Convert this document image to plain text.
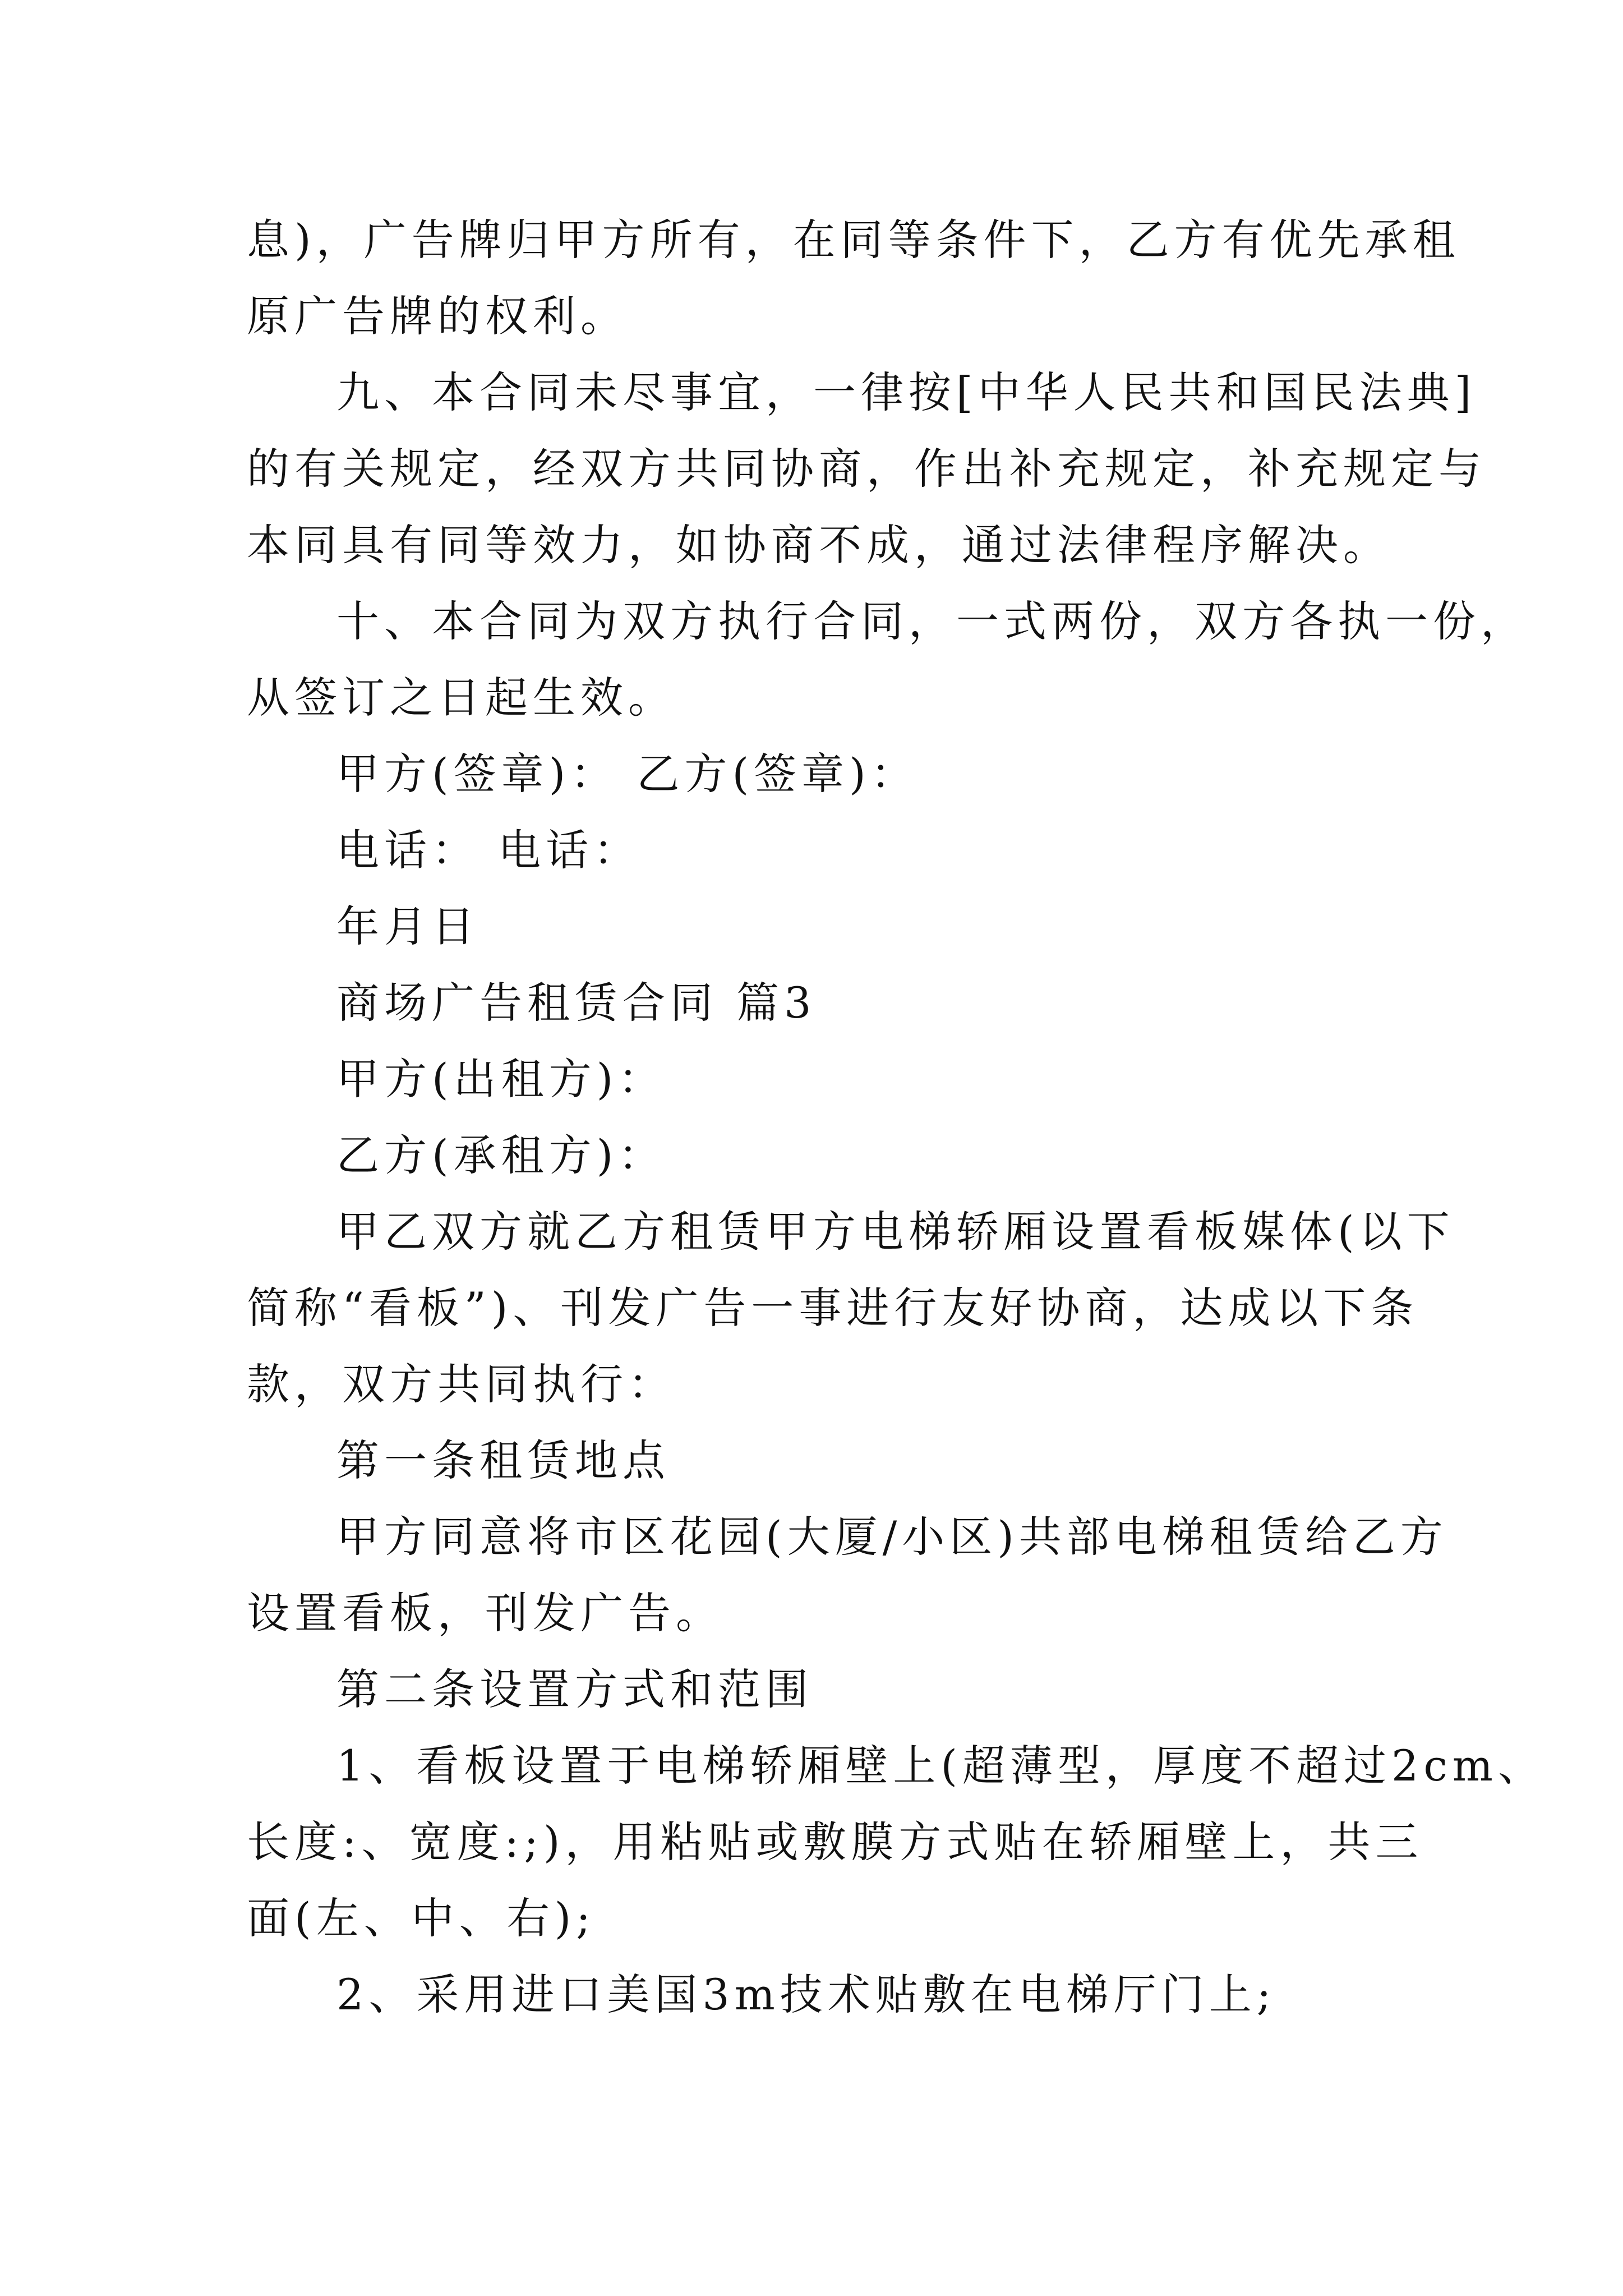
息)，广告牌归甲方所有，在同等条件下，乙方有优先承租
原广告牌的权利。
九、本合同未尽事宜，一律按[中华人民共和国民法典]
的有关规定，经双方共同协商，作出补充规定，补充规定与
本同具有同等效力，如协商不成，通过法律程序解决。
十、本合同为双方执行合同，一式两份，双方各执一份，
从签订之日起生效。
甲方(签章)： 乙方(签章)：
电话： 电话：
年月日
商场广告租赁合同 篇3
甲方(出租方)：
乙方(承租方)：
甲乙双方就乙方租赁甲方电梯轿厢设置看板媒体(以下
简称“看板”)、刊发广告一事进行友好协商，达成以下条
款，双方共同执行：
第一条租赁地点
甲方同意将市区花园(大厦/小区)共部电梯租赁给乙方
设置看板，刊发广告。
第二条设置方式和范围
1、看板设置于电梯轿厢壁上(超薄型，厚度不超过2cm、
长度:、宽度:;)，用粘贴或敷膜方式贴在轿厢壁上，共三
面(左、中、右);
2、采用进口美国3m技术贴敷在电梯厅门上;
